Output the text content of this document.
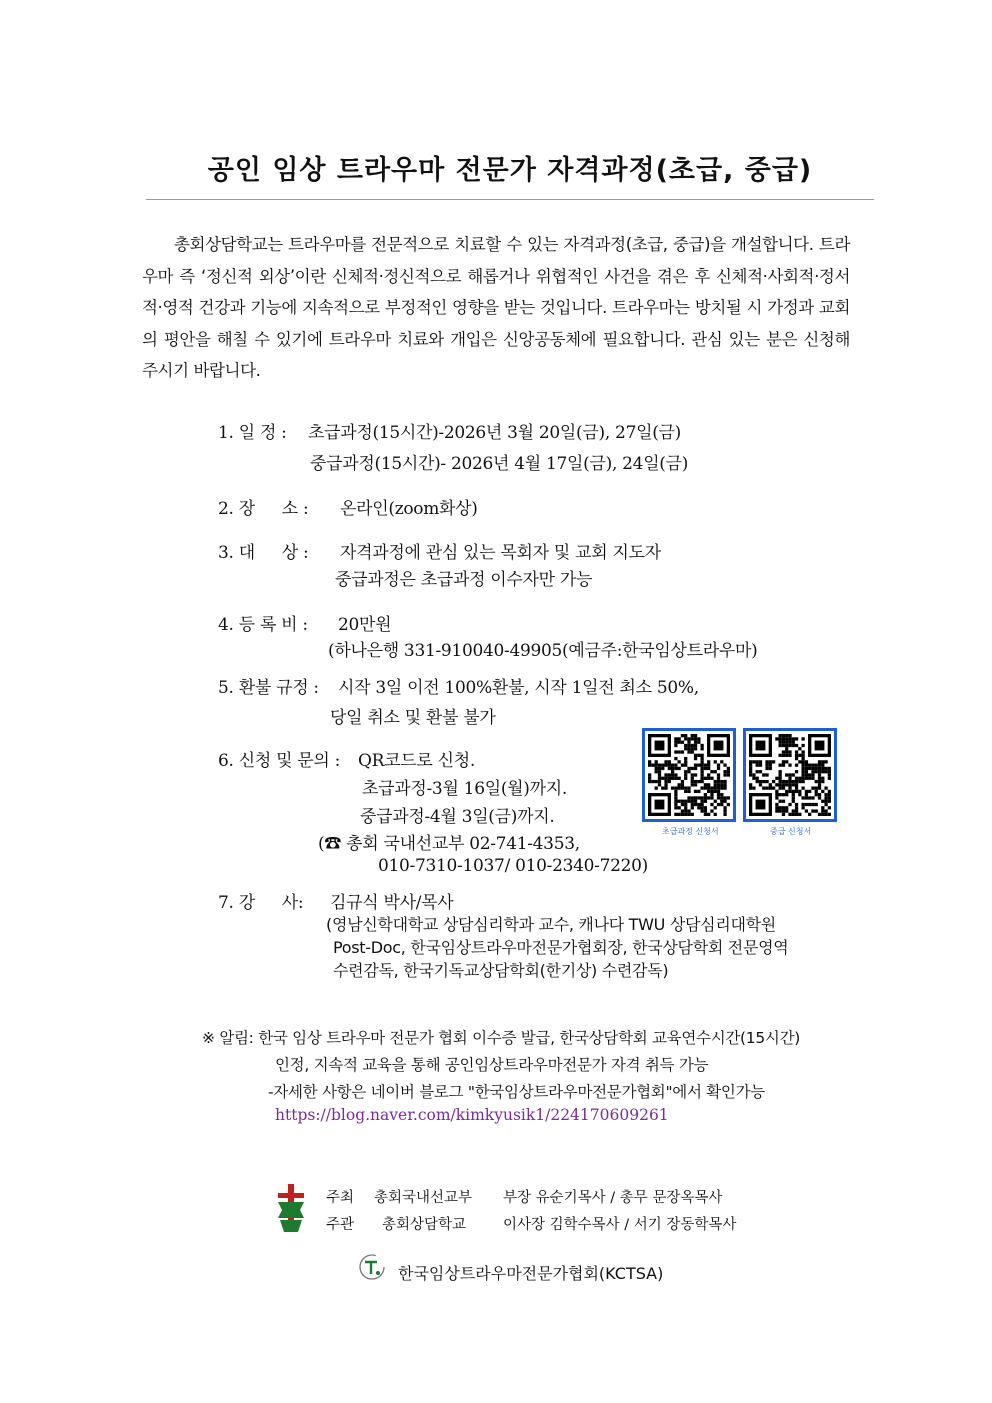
공인 임상 트라우마 전문가 자격과정(초급, 중급)
총회상담학교는 트라우마를 전문적으로 치료할 수 있는 자격과정(초급, 중급)을 개설합니다. 트라우마 즉 ‘정신적 외상’이란 신체적·정신적으로 해롭거나 위협적인 사건을 겪은 후 신체적·사회적·정서적·영적 건강과 기능에 지속적으로 부정적인 영향을 받는 것입니다. 트라우마는 방치될 시 가정과 교회의 평안을 해칠 수 있기에 트라우마 치료와 개입은 신앙공동체에 필요합니다. 관심 있는 분은 신청해 주시기 바랍니다.
1. 일 정 : 초급과정(15시간)-2026년 3월 20일(금), 27일(금)
중급과정(15시간)- 2026년 4월 17일(금), 24일(금)
2. 장 　 소 : 온라인(zoom화상)
3. 대 　 상 : 자격과정에 관심 있는 목회자 및 교회 지도자
중급과정은 초급과정 이수자만 가능
4. 등 록 비 : 20만원
(하나은행 331-910040-49905(예금주:한국임상트라우마)
5. 환불 규정 : 시작 3일 이전 100%환불, 시작 1일전 최소 50%,
당일 취소 및 환불 불가
6. 신청 및 문의 : QR코드로 신청.
초급과정-3월 16일(월)까지.
중급과정-4월 3일(금)까지.
(☎ 총회 국내선교부 02-741-4353,
010-7310-1037/ 010-2340-7220)
초급과정 신청서	중급 신청서
7. 강 　 사: 김규식 박사/목사
(영남신학대학교 상담심리학과 교수, 캐나다 TWU 상담심리대학원
Post-Doc, 한국임상트라우마전문가협회장, 한국상담학회 전문영역
수련감독, 한국기독교상담학회(한기상) 수련감독)
※ 알림: 한국 임상 트라우마 전문가 협회 이수증 발급, 한국상담학회 교육연수시간(15시간)
인정, 지속적 교육을 통해 공인임상트라우마전문가 자격 취득 가능
-자세한 사항은 네이버 블로그 "한국임상트라우마전문가협회"에서 확인가능
https://blog.naver.com/kimkyusik1/224170609261
주최 총회국내선교부 부장 유순기목사 / 총무 문장옥목사
주관 총회상담학교	이사장 김학수목사 / 서기 장동학목사
한국임상트라우마전문가협회(KCTSA)
